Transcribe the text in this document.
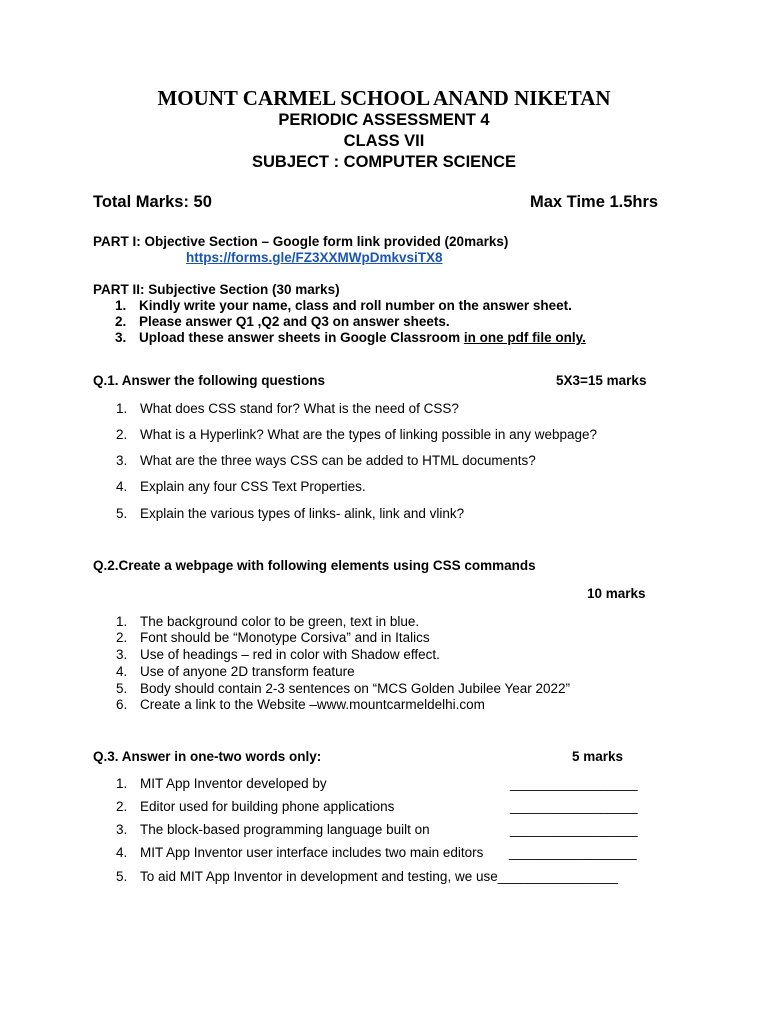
MOUNT CARMEL SCHOOL ANAND NIKETAN
PERIODIC ASSESSMENT 4
CLASS VII
SUBJECT : COMPUTER SCIENCE
Total Marks: 50	Max Time 1.5hrs
PART I: Objective Section – Google form link provided (20marks)
https://forms.gle/FZ3XXMWpDmkvsiTX8
PART II: Subjective Section (30 marks)
1. Kindly write your name, class and roll number on the answer sheet.
2. Please answer Q1 ,Q2 and Q3 on answer sheets.
3. Upload these answer sheets in Google Classroom in one pdf file only.
Q.1. Answer the following questions	5X3=15 marks
1. What does CSS stand for? What is the need of CSS?
2. What is a Hyperlink? What are the types of linking possible in any webpage?
3. What are the three ways CSS can be added to HTML documents?
4. Explain any four CSS Text Properties.
5. Explain the various types of links- alink, link and vlink?
Q.2.Create a webpage with following elements using CSS commands
10 marks
1. The background color to be green, text in blue.
2. Font should be “Monotype Corsiva” and in Italics
3. Use of headings – red in color with Shadow effect.
4. Use of anyone 2D transform feature
5. Body should contain 2-3 sentences on “MCS Golden Jubilee Year 2022”
6. Create a link to the Website –www.mountcarmeldelhi.com
Q.3. Answer in one-two words only:	5 marks
1. MIT App Inventor developed by	_________________
2. Editor used for building phone applications	_________________
3. The block-based programming language built on	_________________
4. MIT App Inventor user interface includes two main editors _________________
5. To aid MIT App Inventor in development and testing, we use________________
